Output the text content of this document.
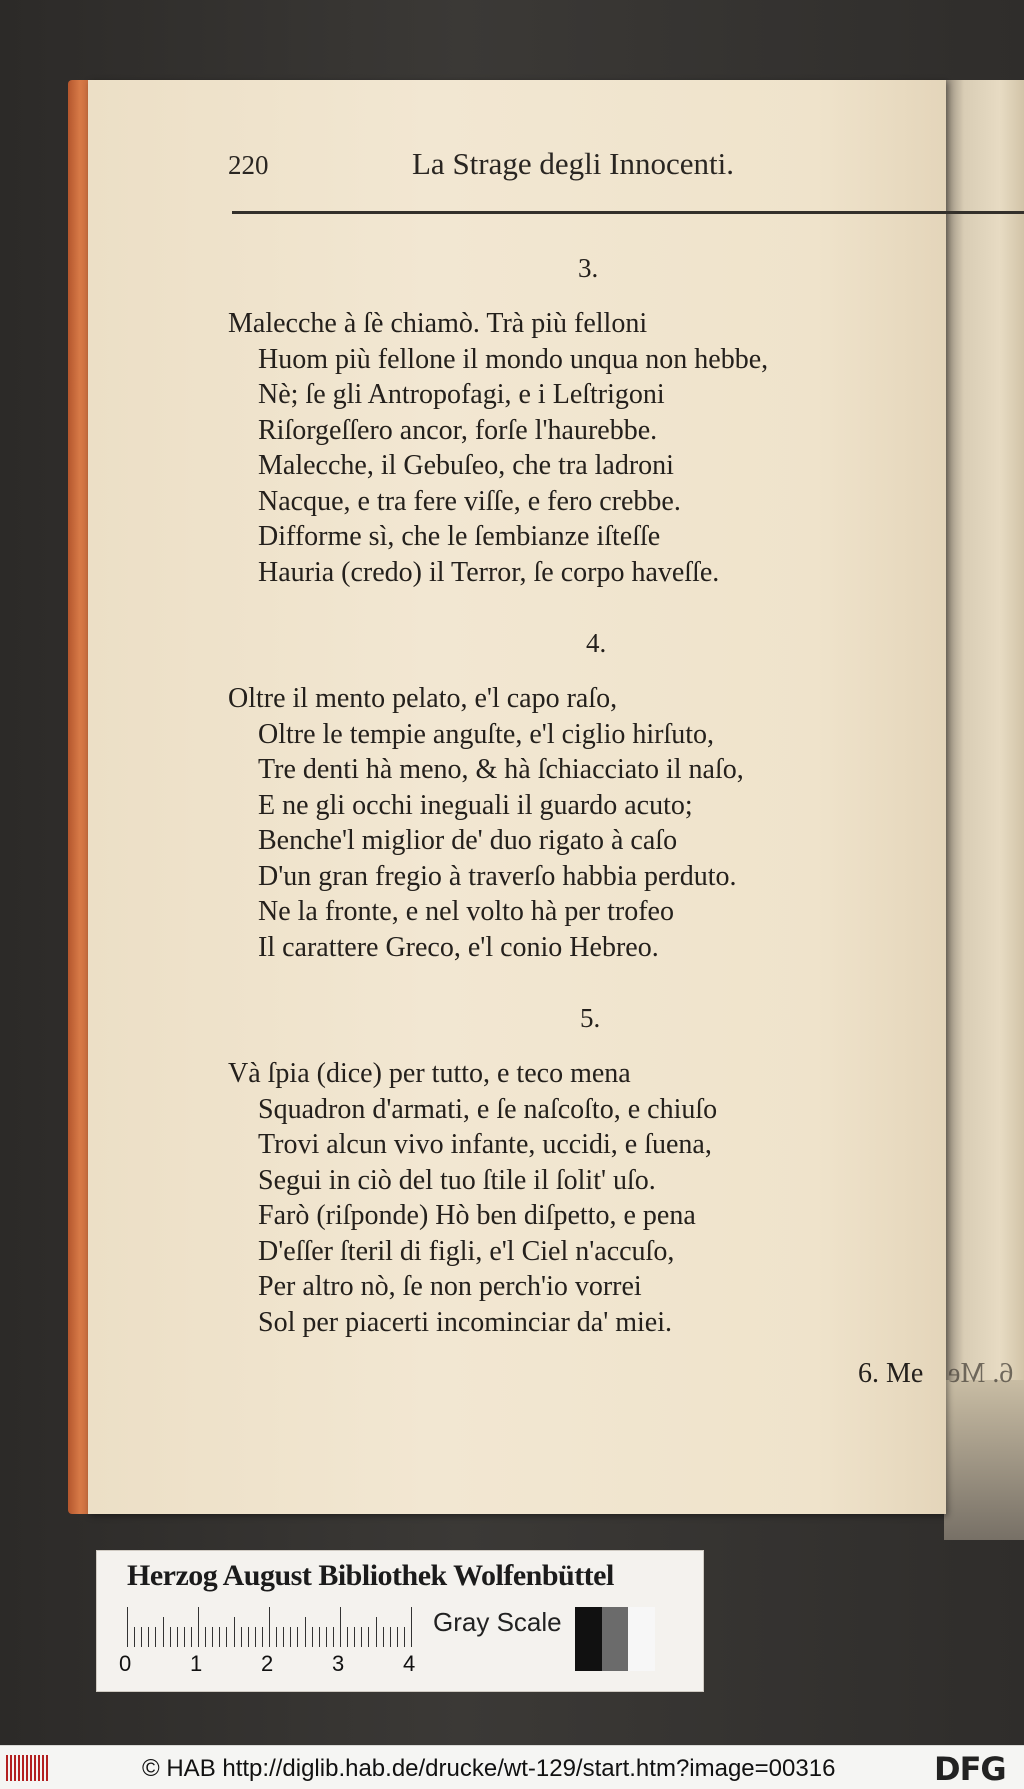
220	La Strage degli Innocenti.
3.
Malecche à ſè chiamò. Trà più felloni
Huom più fellone il mondo unqua non hebbe,
Nè; ſe gli Antropofagi, e i Leſtrigoni
Riſorgeſſero ancor, forſe l'haurebbe.
Malecche, il Gebuſeo, che tra ladroni
Nacque, e tra fere viſſe, e fero crebbe.
Difforme sì, che le ſembianze iſteſſe
Hauria (credo) il Terror, ſe corpo haveſſe.
4.
Oltre il mento pelato, e'l capo raſo,
Oltre le tempie anguſte, e'l ciglio hirſuto,
Tre denti hà meno, & hà ſchiacciato il naſo,
E ne gli occhi ineguali il guardo acuto;
Benche'l miglior de' duo rigato à caſo
D'un gran fregio à traverſo habbia perduto.
Ne la fronte, e nel volto hà per trofeo
Il carattere Greco, e'l conio Hebreo.
5.
Và ſpia (dice) per tutto, e teco mena
Squadron d'armati, e ſe naſcoſto, e chiuſo
Trovi alcun vivo infante, uccidi, e ſuena,
Segui in ciò del tuo ſtile il ſolit' uſo.
Farò (riſponde) Hò ben diſpetto, e pena
D'eſſer ſteril di figli, e'l Ciel n'accuſo,
Per altro nò, ſe non perch'io vorrei
Sol per piacerti incominciar da' miei.
6. Me 6. Me
Herzog August Bibliothek Wolfenbüttel
0	1	2	3	4
Gray Scale
© HAB http://diglib.hab.de/drucke/wt-129/start.htm?image=00316	DFG
